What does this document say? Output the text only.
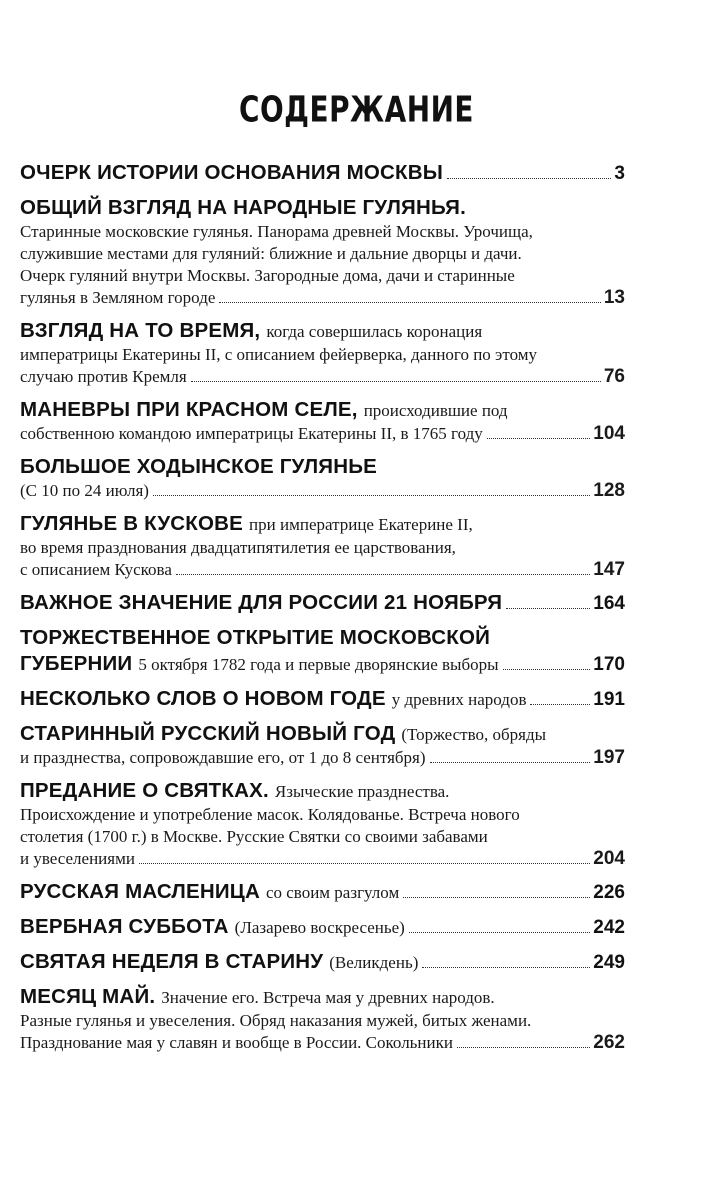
СОДЕРЖАНИЕ
ОЧЕРК ИСТОРИИ ОСНОВАНИЯ МОСКВЫ	3
ОБЩИЙ ВЗГЛЯД НА НАРОДНЫЕ ГУЛЯНЬЯ.
Старинные московские гулянья. Панорама древней Москвы. Урочища,
служившие местами для гуляний: ближние и дальние дворцы и дачи.
Очерк гуляний внутри Москвы. Загородные дома, дачи и старинные
гулянья в Земляном городе	13
ВЗГЛЯД НА ТО ВРЕМЯ, когда совершилась коронация
императрицы Екатерины II, с описанием фейерверка, данного по этому
случаю против Кремля	76
МАНЕВРЫ ПРИ КРАСНОМ СЕЛЕ, происходившие под
собственною командою императрицы Екатерины II, в 1765 году	104
БОЛЬШОЕ ХОДЫНСКОЕ ГУЛЯНЬЕ
(С 10 по 24 июля)	128
ГУЛЯНЬЕ В КУСКОВЕ при императрице Екатерине II,
во время празднования двадцатипятилетия ее царствования,
с описанием Кускова	147
ВАЖНОЕ ЗНАЧЕНИЕ ДЛЯ РОССИИ 21 НОЯБРЯ	164
ТОРЖЕСТВЕННОЕ ОТКРЫТИЕ МОСКОВСКОЙ
ГУБЕРНИИ 5 октября 1782 года и первые дворянские выборы	170
НЕСКОЛЬКО СЛОВ О НОВОМ ГОДЕ у древних народов	191
СТАРИННЫЙ РУССКИЙ НОВЫЙ ГОД (Торжество, обряды
и празднества, сопровождавшие его, от 1 до 8 сентября)	197
ПРЕДАНИЕ О СВЯТКАХ. Языческие празднества.
Происхождение и употребление масок. Колядованье. Встреча нового
столетия (1700 г.) в Москве. Русские Святки со своими забавами
и увеселениями	204
РУССКАЯ МАСЛЕНИЦА со своим разгулом	226
ВЕРБНАЯ СУББОТА (Лазарево воскресенье)	242
СВЯТАЯ НЕДЕЛЯ В СТАРИНУ (Великдень)	249
МЕСЯЦ МАЙ. Значение его. Встреча мая у древних народов.
Разные гулянья и увеселения. Обряд наказания мужей, битых женами.
Празднование мая у славян и вообще в России. Сокольники	262
